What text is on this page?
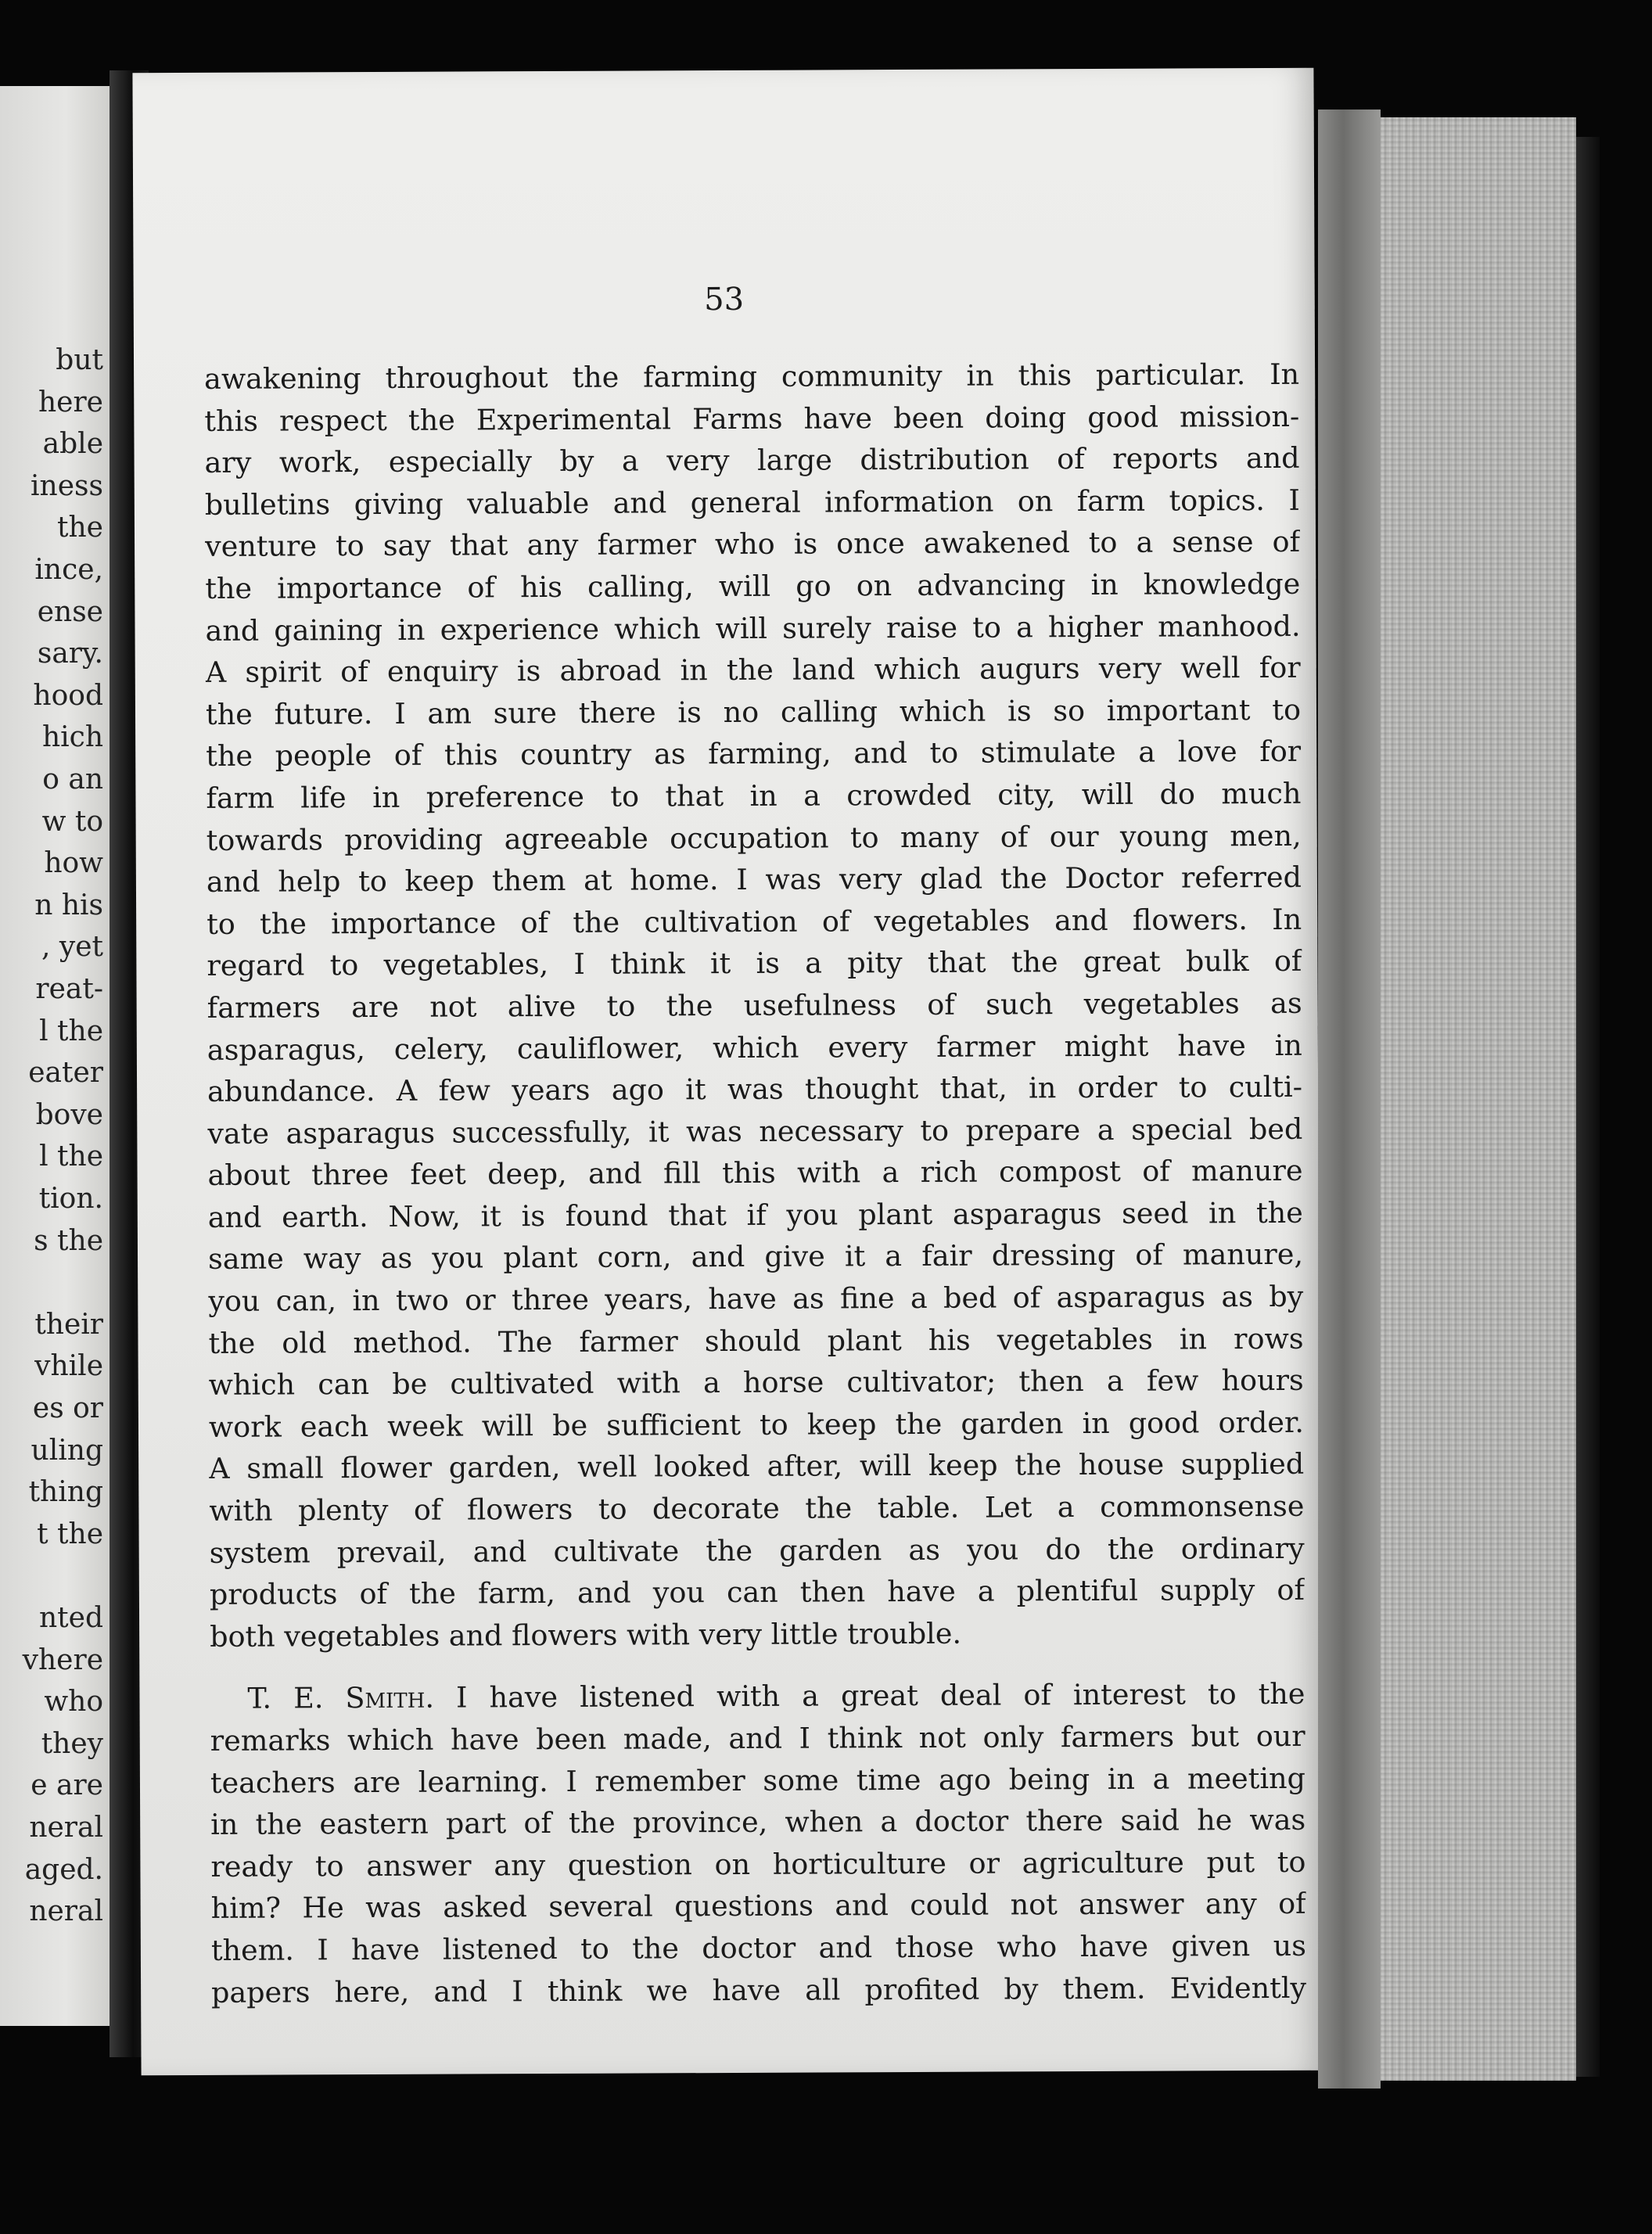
but
here
able
iness
the
ince,
ense
sary.
hood
hich
o an
w to
how
n his
, yet
reat-
l the
eater
bove
l the
tion.
s the
their
vhile
es or
uling
thing
t the
nted
vhere
who
they
e are
neral
aged.
neral
53
awakening throughout the farming community in this particular. In
this respect the Experimental Farms have been doing good mission-
ary work, especially by a very large distribution of reports and
bulletins giving valuable and general information on farm topics. I
venture to say that any farmer who is once awakened to a sense of
the importance of his calling, will go on advancing in knowledge
and gaining in experience which will surely raise to a higher manhood.
A spirit of enquiry is abroad in the land which augurs very well for
the future. I am sure there is no calling which is so important to
the people of this country as farming, and to stimulate a love for
farm life in preference to that in a crowded city, will do much
towards providing agreeable occupation to many of our young men,
and help to keep them at home. I was very glad the Doctor referred
to the importance of the cultivation of vegetables and flowers. In
regard to vegetables, I think it is a pity that the great bulk of
farmers are not alive to the usefulness of such vegetables as
asparagus, celery, cauliflower, which every farmer might have in
abundance. A few years ago it was thought that, in order to culti-
vate asparagus successfully, it was necessary to prepare a special bed
about three feet deep, and fill this with a rich compost of manure
and earth. Now, it is found that if you plant asparagus seed in the
same way as you plant corn, and give it a fair dressing of manure,
you can, in two or three years, have as fine a bed of asparagus as by
the old method. The farmer should plant his vegetables in rows
which can be cultivated with a horse cultivator; then a few hours
work each week will be sufficient to keep the garden in good order.
A small flower garden, well looked after, will keep the house supplied
with plenty of flowers to decorate the table. Let a commonsense
system prevail, and cultivate the garden as you do the ordinary
products of the farm, and you can then have a plentiful supply of
both vegetables and flowers with very little trouble.
T. E. Smith. I have listened with a great deal of interest to the
remarks which have been made, and I think not only farmers but our
teachers are learning. I remember some time ago being in a meeting
in the eastern part of the province, when a doctor there said he was
ready to answer any question on horticulture or agriculture put to
him? He was asked several questions and could not answer any of
them. I have listened to the doctor and those who have given us
papers here, and I think we have all profited by them. Evidently
